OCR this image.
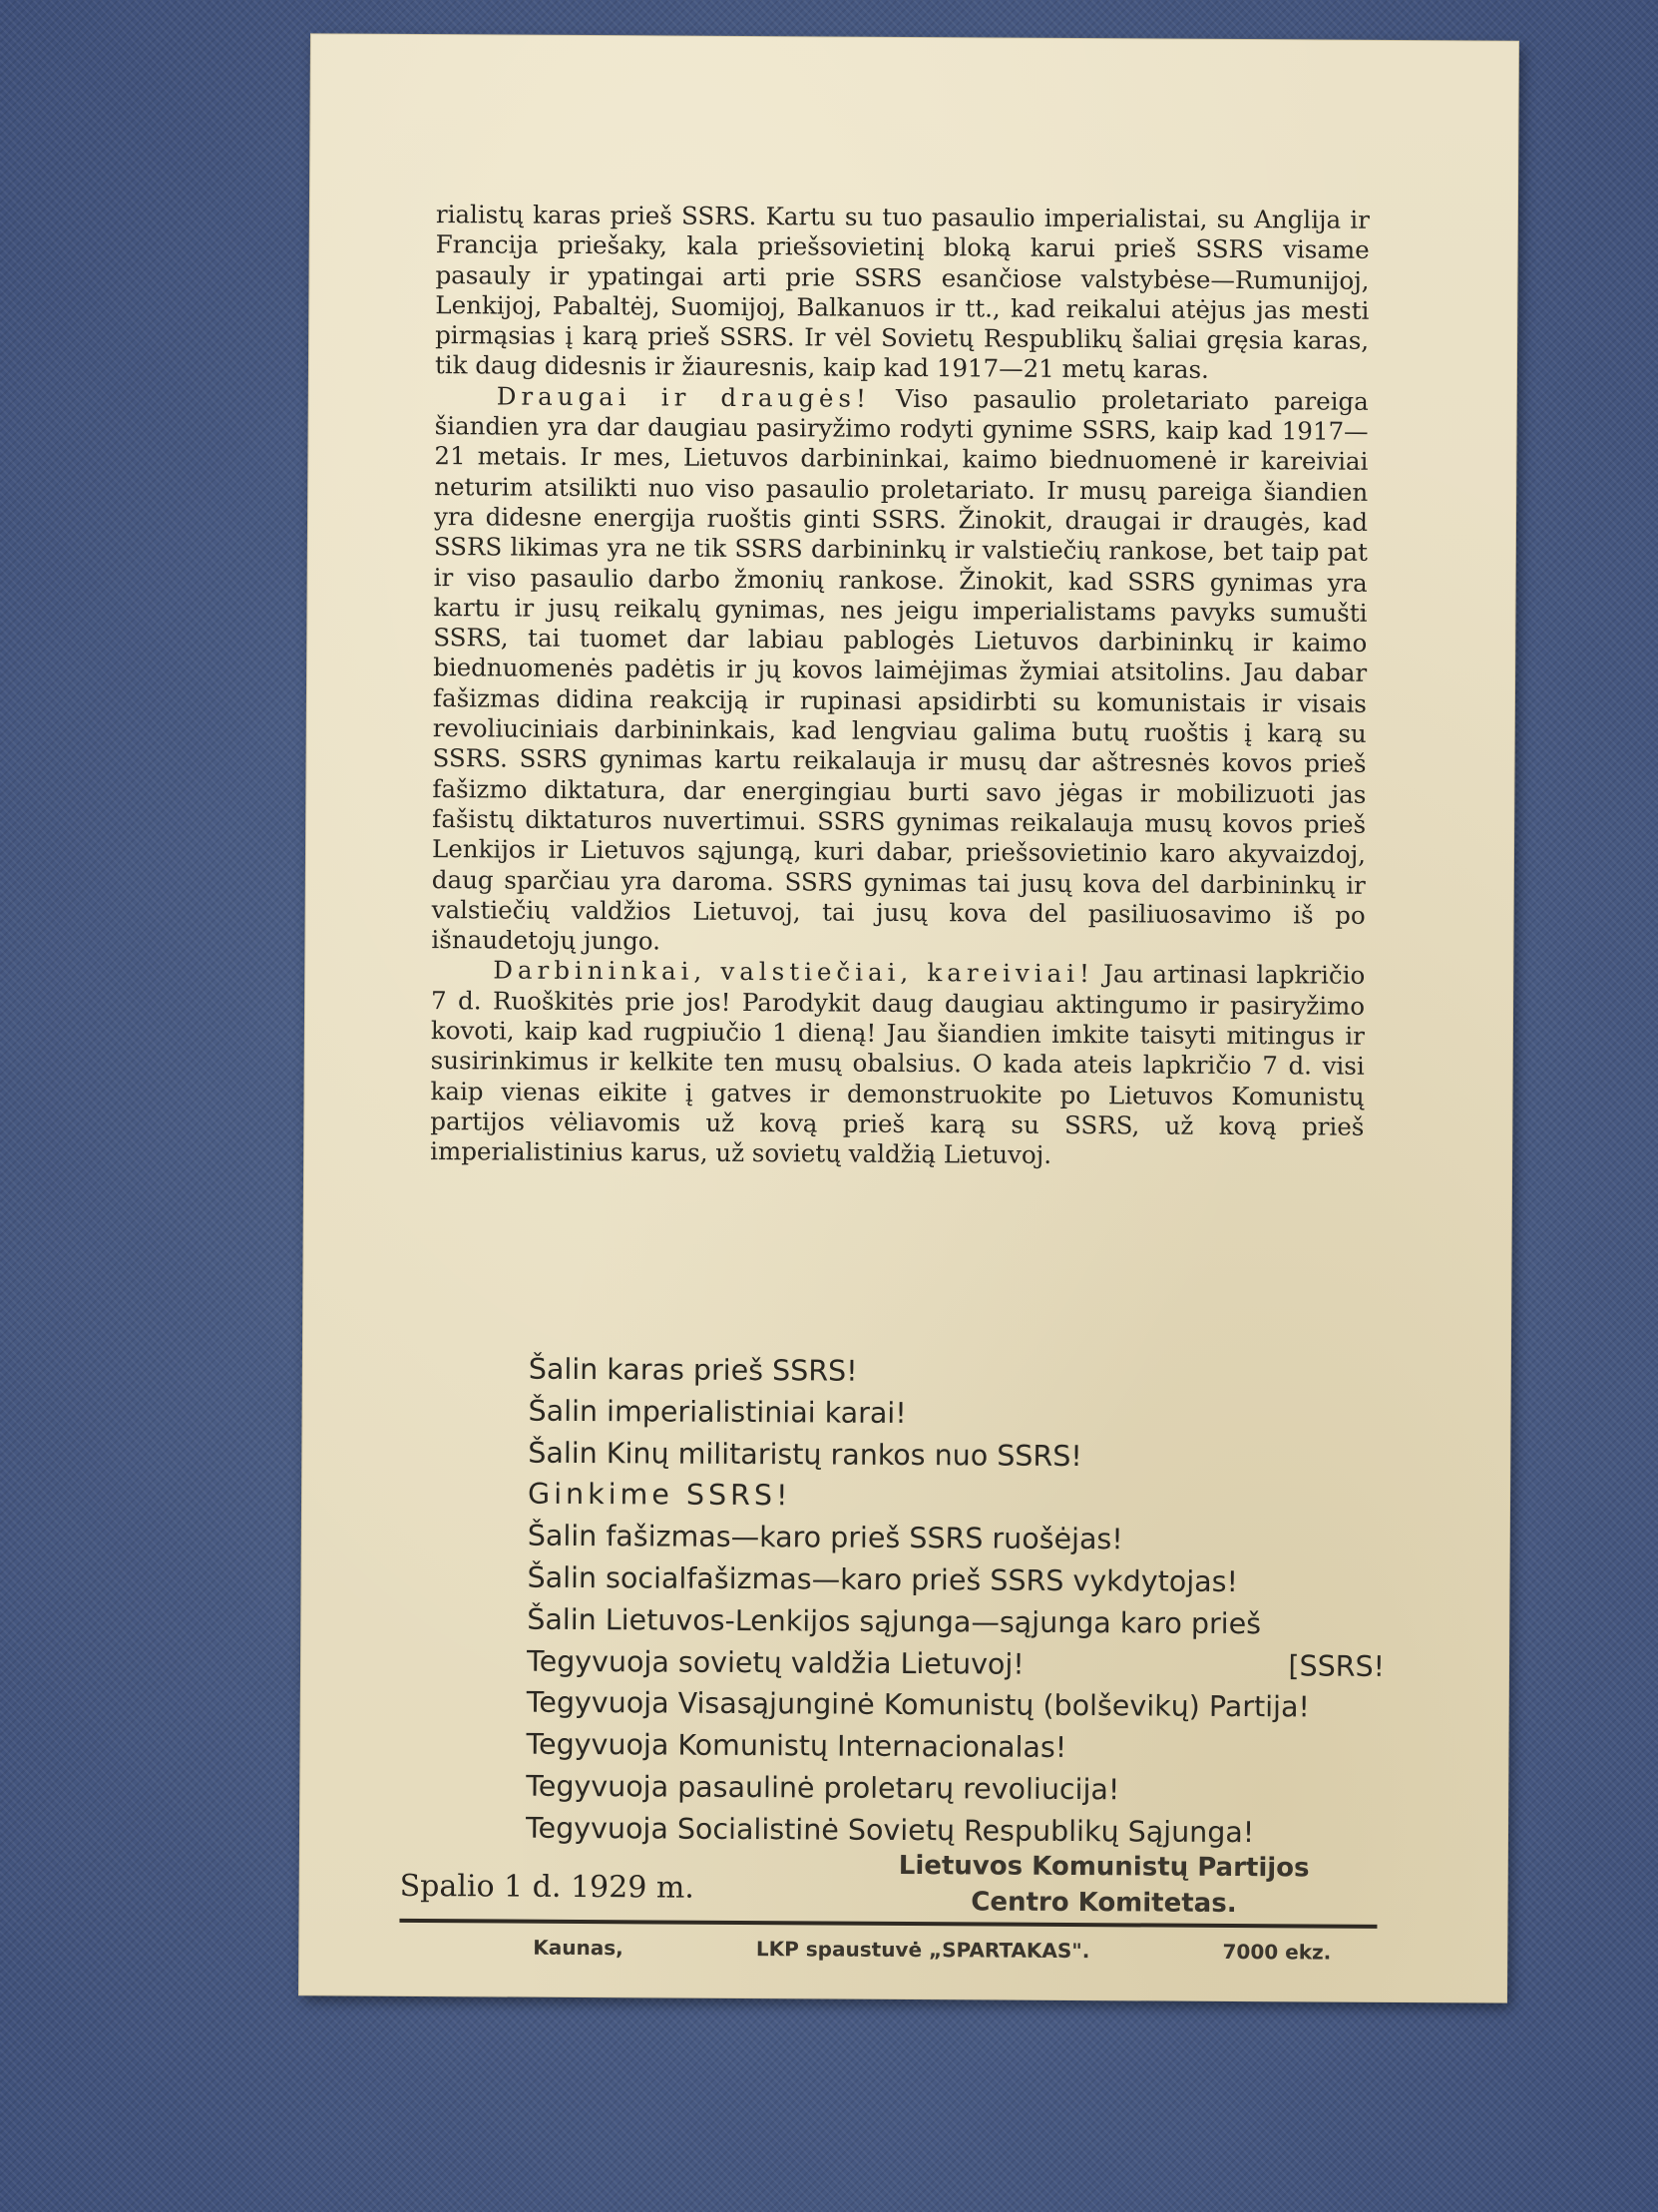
rialistų karas prieš SSRS. Kartu su tuo pasaulio imperialistai, su Anglija ir Francija priešaky, kala priešsovietinį bloką karui prieš SSRS visame pasauly ir ypatingai arti prie SSRS esančiose valstybėse—Rumunijoj, Lenkijoj, Pabaltėj, Suomijoj, Balkanuos ir tt., kad reikalui atėjus jas mesti pirmąsias į karą prieš SSRS. Ir vėl Sovietų Respublikų šaliai gręsia karas, tik daug didesnis ir žiauresnis, kaip kad 1917—21 metų karas.

Draugai ir draugės! Viso pasaulio proletariato pareiga šiandien yra dar daugiau pasiryžimo rodyti gynime SSRS, kaip kad 1917—21 metais. Ir mes, Lietuvos darbininkai, kaimo biednuomenė ir kareiviai neturim atsilikti nuo viso pasaulio proletariato. Ir musų pareiga šiandien yra didesne energija ruoštis ginti SSRS. Žinokit, draugai ir draugės, kad SSRS likimas yra ne tik SSRS darbininkų ir valstiečių rankose, bet taip pat ir viso pasaulio darbo žmonių rankose. Žinokit, kad SSRS gynimas yra kartu ir jusų reikalų gynimas, nes jeigu imperialistams pavyks sumušti SSRS, tai tuomet dar labiau pablogės Lietuvos darbininkų ir kaimo biednuomenės padėtis ir jų kovos laimėjimas žymiai atsitolins. Jau dabar fašizmas didina reakciją ir rupinasi apsidirbti su komunistais ir visais revoliuciniais darbininkais, kad lengviau galima butų ruoštis į karą su SSRS. SSRS gynimas kartu reikalauja ir musų dar aštresnės kovos prieš fašizmo diktatura, dar energingiau burti savo jėgas ir mobilizuoti jas fašistų diktaturos nuvertimui. SSRS gynimas reikalauja musų kovos prieš Lenkijos ir Lietuvos sąjungą, kuri dabar, priešsovietinio karo akyvaizdoj, daug sparčiau yra daroma. SSRS gynimas tai jusų kova del darbininkų ir valstiečių valdžios Lietuvoj, tai jusų kova del pasiliuosavimo iš po išnaudetojų jungo.

Darbininkai, valstiečiai, kareiviai! Jau artinasi lapkričio 7 d. Ruoškitės prie jos! Parodykit daug daugiau aktingumo ir pasiryžimo kovoti, kaip kad rugpiučio 1 dieną! Jau šiandien imkite taisyti mitingus ir susirinkimus ir kelkite ten musų obalsius. O kada ateis lapkričio 7 d. visi kaip vienas eikite į gatves ir demonstruokite po Lietuvos Komunistų partijos vėliavomis už kovą prieš karą su SSRS, už kovą prieš imperialistinius karus, už sovietų valdžią Lietuvoj.

Šalin karas prieš SSRS!
Šalin imperialistiniai karai!
Šalin Kinų militaristų rankos nuo SSRS!
Ginkime SSRS!
Šalin fašizmas—karo prieš SSRS ruošėjas!
Šalin socialfašizmas—karo prieš SSRS vykdytojas!
Šalin Lietuvos-Lenkijos sąjunga—sąjunga karo prieš
Tegyvuoja sovietų valdžia Lietuvoj!	[SSRS!
Tegyvuoja Visasąjunginė Komunistų (bolševikų) Partija!
Tegyvuoja Komunistų Internacionalas!
Tegyvuoja pasaulinė proletarų revoliucija!
Tegyvuoja Socialistinė Sovietų Respublikų Sąjunga!
Spalio 1 d. 1929 m.
Lietuvos Komunistų Partijos
Centro Komitetas.
Kaunas,	LKP spaustuvė „SPARTAKAS".	7000 ekz.
